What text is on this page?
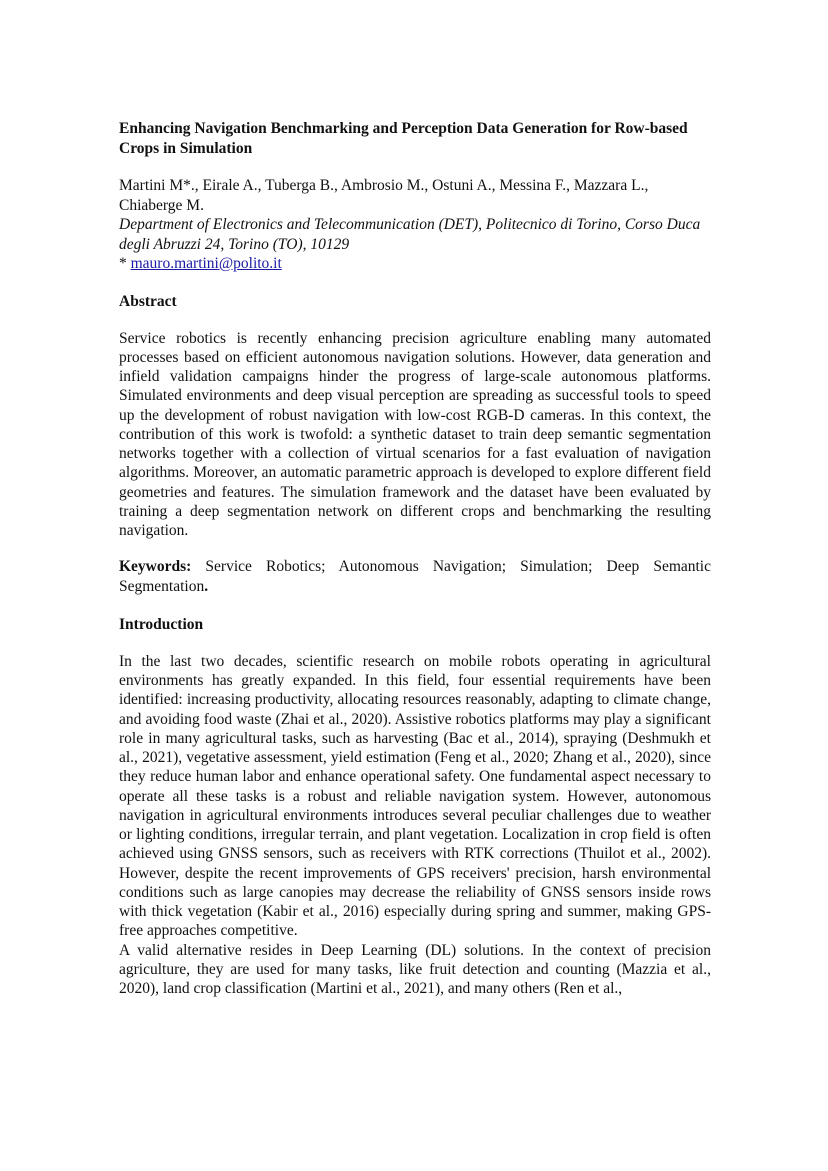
Enhancing Navigation Benchmarking and Perception Data Generation for Row-based Crops in Simulation

Martini M*., Eirale A., Tuberga B., Ambrosio M., Ostuni A., Messina F., Mazzara L., Chiaberge M.
Department of Electronics and Telecommunication (DET), Politecnico di Torino, Corso Duca degli Abruzzi 24, Torino (TO), 10129
* mauro.martini@polito.it
Abstract
Service robotics is recently enhancing precision agriculture enabling many automated processes based on efficient autonomous navigation solutions. However, data generation and infield validation campaigns hinder the progress of large-scale autonomous platforms. Simulated environments and deep visual perception are spreading as successful tools to speed up the development of robust navigation with low-cost RGB-D cameras. In this context, the contribution of this work is twofold: a synthetic dataset to train deep semantic segmentation networks together with a collection of virtual scenarios for a fast evaluation of navigation algorithms. Moreover, an automatic parametric approach is developed to explore different field geometries and features. The simulation framework and the dataset have been evaluated by training a deep segmentation network on different crops and benchmarking the resulting navigation.
Keywords: Service Robotics; Autonomous Navigation; Simulation; Deep Semantic Segmentation.
Introduction
In the last two decades, scientific research on mobile robots operating in agricultural environments has greatly expanded. In this field, four essential requirements have been identified: increasing productivity, allocating resources reasonably, adapting to climate change, and avoiding food waste (Zhai et al., 2020). Assistive robotics platforms may play a significant role in many agricultural tasks, such as harvesting (Bac et al., 2014), spraying (Deshmukh et al., 2021), vegetative assessment, yield estimation (Feng et al., 2020; Zhang et al., 2020), since they reduce human labor and enhance operational safety. One fundamental aspect necessary to operate all these tasks is a robust and reliable navigation system. However, autonomous navigation in agricultural environments introduces several peculiar challenges due to weather or lighting conditions, irregular terrain, and plant vegetation. Localization in crop field is often achieved using GNSS sensors, such as receivers with RTK corrections (Thuilot et al., 2002). However, despite the recent improvements of GPS receivers' precision, harsh environmental conditions such as large canopies may decrease the reliability of GNSS sensors inside rows with thick vegetation (Kabir et al., 2016) especially during spring and summer, making GPS-free approaches competitive.
A valid alternative resides in Deep Learning (DL) solutions. In the context of precision agriculture, they are used for many tasks, like fruit detection and counting (Mazzia et al., 2020), land crop classification (Martini et al., 2021), and many others (Ren et al.,
